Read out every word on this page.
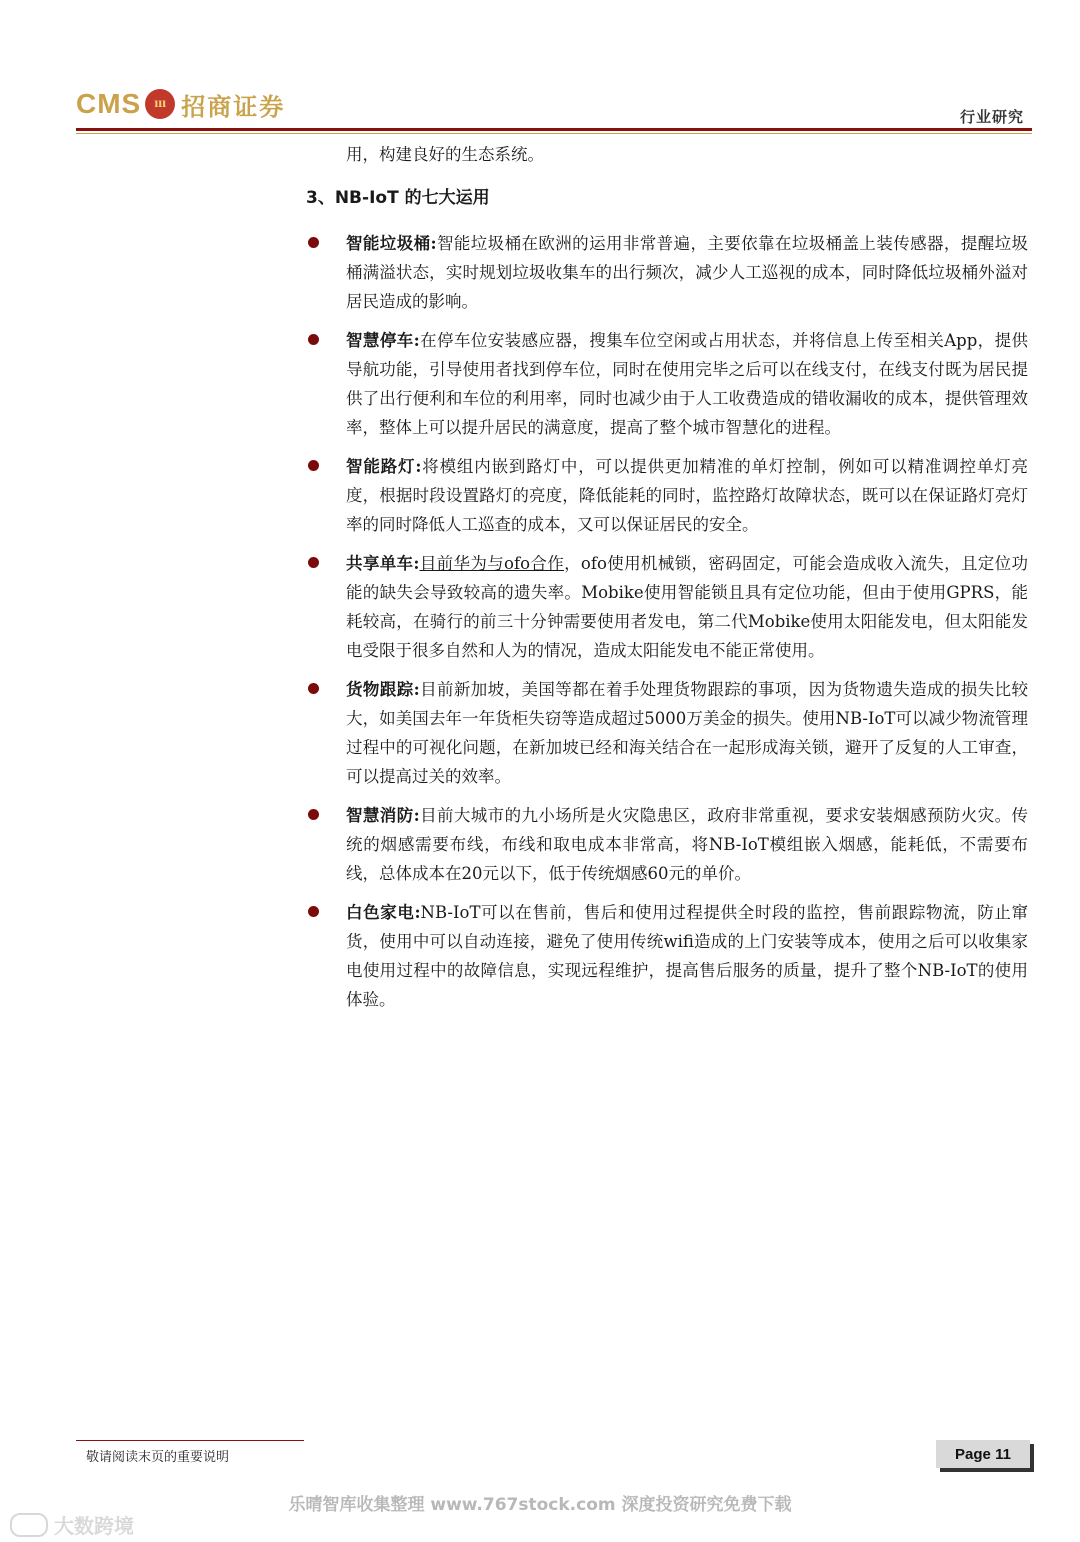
CMS ııı 招商证券	行业研究
用，构建良好的生态系统。
3、NB-IoT 的七大运用
智能垃圾桶:智能垃圾桶在欧洲的运用非常普遍，主要依靠在垃圾桶盖上装传感器，提醒垃圾桶满溢状态，实时规划垃圾收集车的出行频次，减少人工巡视的成本，同时降低垃圾桶外溢对居民造成的影响。
智慧停车:在停车位安装感应器，搜集车位空闲或占用状态，并将信息上传至相关App，提供导航功能，引导使用者找到停车位，同时在使用完毕之后可以在线支付，在线支付既为居民提供了出行便利和车位的利用率，同时也减少由于人工收费造成的错收漏收的成本，提供管理效率，整体上可以提升居民的满意度，提高了整个城市智慧化的进程。
智能路灯:将模组内嵌到路灯中，可以提供更加精准的单灯控制，例如可以精准调控单灯亮度，根据时段设置路灯的亮度，降低能耗的同时，监控路灯故障状态，既可以在保证路灯亮灯率的同时降低人工巡查的成本，又可以保证居民的安全。
共享单车:目前华为与ofo合作，ofo使用机械锁，密码固定，可能会造成收入流失，且定位功能的缺失会导致较高的遗失率。Mobike使用智能锁且具有定位功能，但由于使用GPRS，能耗较高，在骑行的前三十分钟需要使用者发电，第二代Mobike使用太阳能发电，但太阳能发电受限于很多自然和人为的情况，造成太阳能发电不能正常使用。
货物跟踪:目前新加坡，美国等都在着手处理货物跟踪的事项，因为货物遗失造成的损失比较大，如美国去年一年货柜失窃等造成超过5000万美金的损失。使用NB-IoT可以减少物流管理过程中的可视化问题，在新加坡已经和海关结合在一起形成海关锁，避开了反复的人工审查，可以提高过关的效率。
智慧消防:目前大城市的九小场所是火灾隐患区，政府非常重视，要求安装烟感预防火灾。传统的烟感需要布线，布线和取电成本非常高，将NB-IoT模组嵌入烟感，能耗低，不需要布线，总体成本在20元以下，低于传统烟感60元的单价。
白色家电:NB-IoT可以在售前，售后和使用过程提供全时段的监控，售前跟踪物流，防止窜货，使用中可以自动连接，避免了使用传统wifi造成的上门安装等成本，使用之后可以收集家电使用过程中的故障信息，实现远程维护，提高售后服务的质量，提升了整个NB-IoT的使用体验。
敬请阅读末页的重要说明	Page 11
乐晴智库收集整理 www.767stock.com 深度投资研究免费下载
大数跨境
